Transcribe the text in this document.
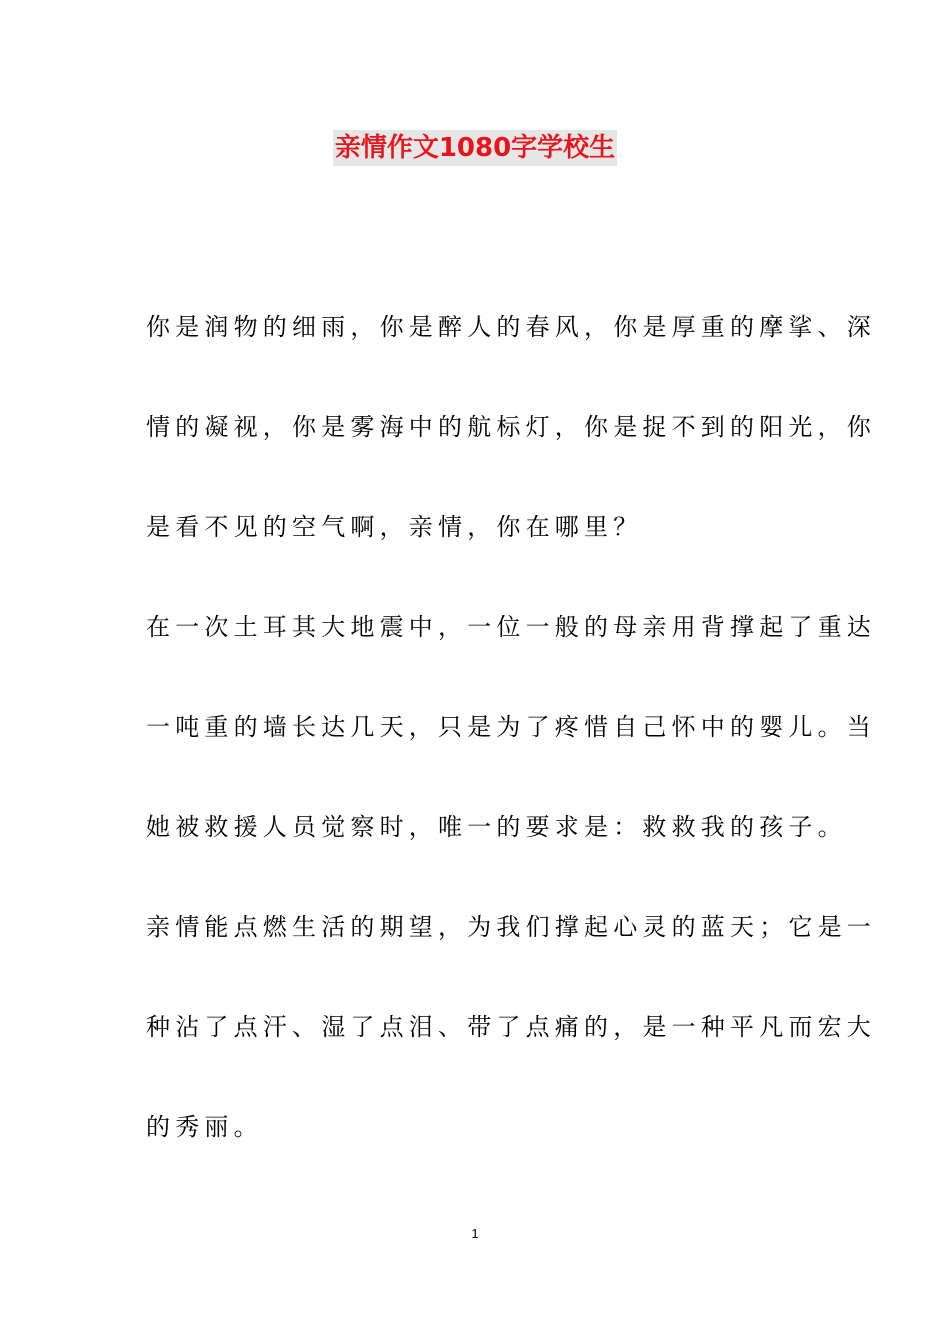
亲情作文1080字学校生
你是润物的细雨，你是醉人的春风，你是厚重的摩挲、深
情的凝视，你是雾海中的航标灯，你是捉不到的阳光，你
是看不见的空气啊，亲情，你在哪里？
在一次土耳其大地震中，一位一般的母亲用背撑起了重达
一吨重的墙长达几天，只是为了疼惜自己怀中的婴儿。当
她被救援人员觉察时，唯一的要求是：救救我的孩子。
亲情能点燃生活的期望，为我们撑起心灵的蓝天；它是一
种沾了点汗、湿了点泪、带了点痛的，是一种平凡而宏大
的秀丽。
1
